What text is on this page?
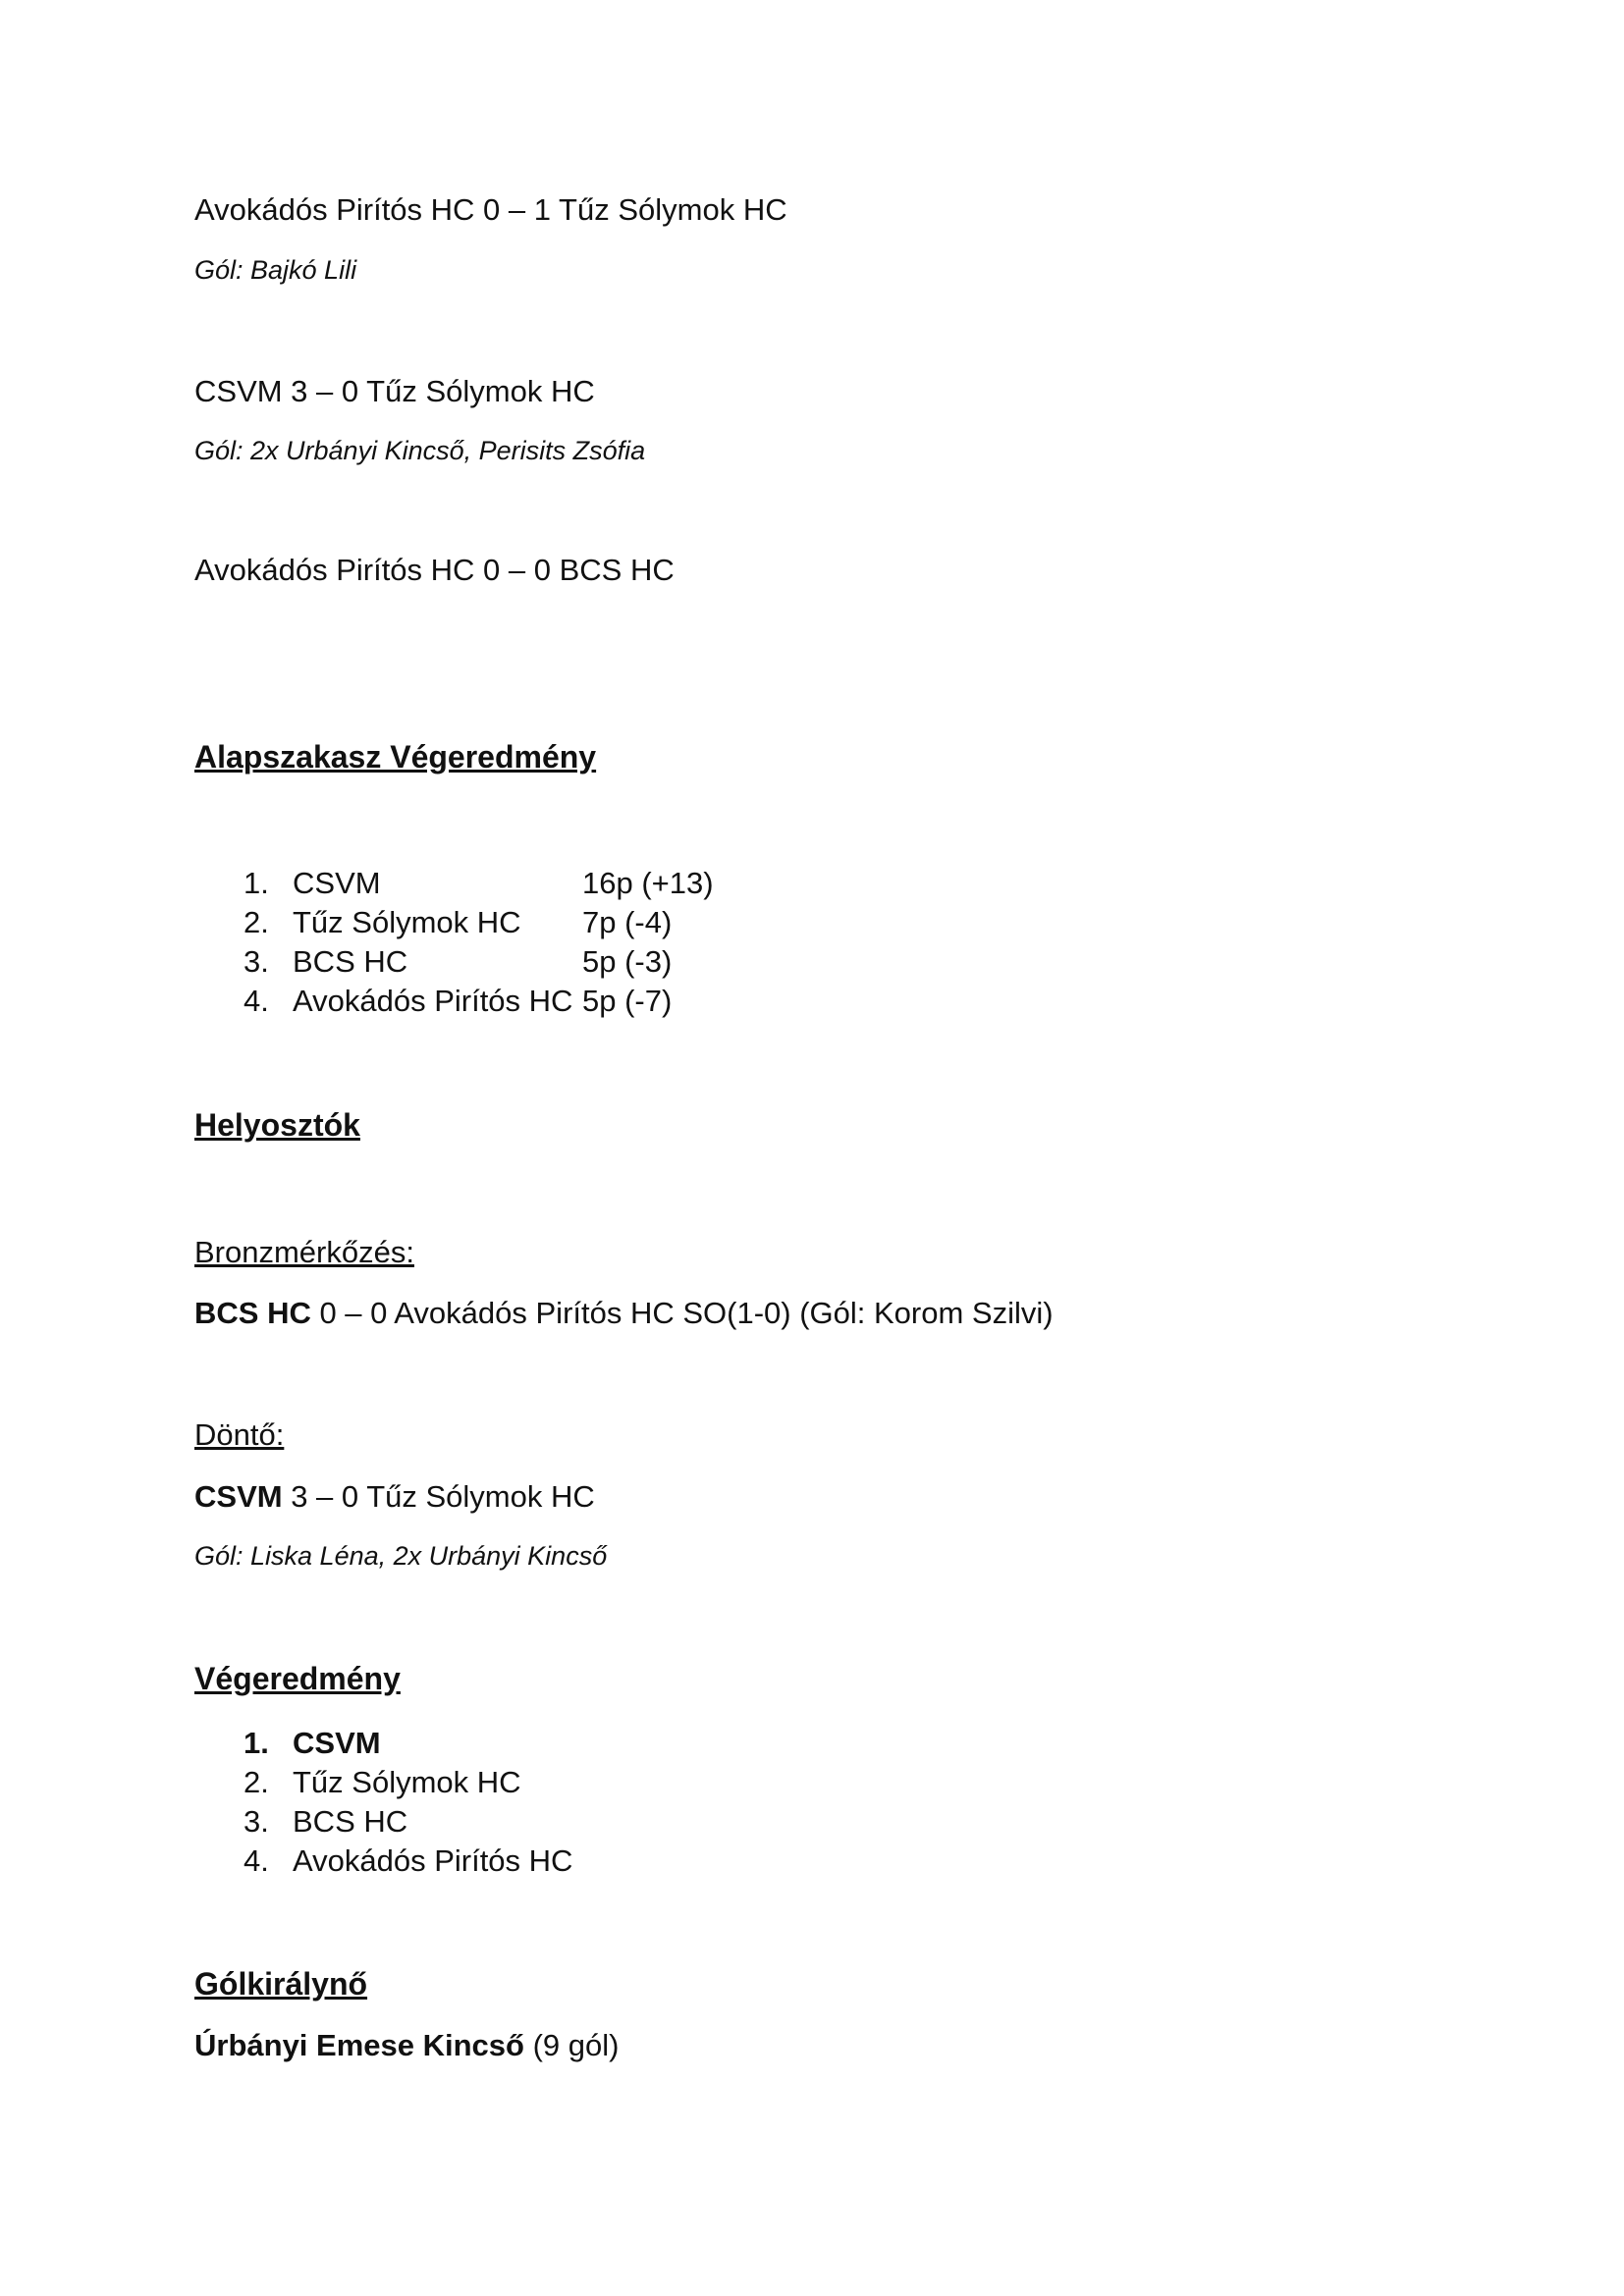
Avokádós Pirítós HC 0 – 1 Tűz Sólymok HC
Gól: Bajkó Lili
CSVM 3 – 0 Tűz Sólymok HC
Gól: 2x Urbányi Kincső, Perisits Zsófia
Avokádós Pirítós HC 0 – 0 BCS HC
Alapszakasz Végeredmény
1. CSVM	16p (+13)
2. Tűz Sólymok HC 7p (-4)
3. BCS HC	5p (-3)
4. Avokádós Pirítós HC 5p (-7)
Helyosztók
Bronzmérkőzés:
BCS HC 0 – 0 Avokádós Pirítós HC SO(1-0) (Gól: Korom Szilvi)
Döntő:
CSVM 3 – 0 Tűz Sólymok HC
Gól: Liska Léna, 2x Urbányi Kincső
Végeredmény
1. CSVM
2. Tűz Sólymok HC
3. BCS HC
4. Avokádós Pirítós HC
Gólkirálynő
Úrbányi Emese Kincső (9 gól)
